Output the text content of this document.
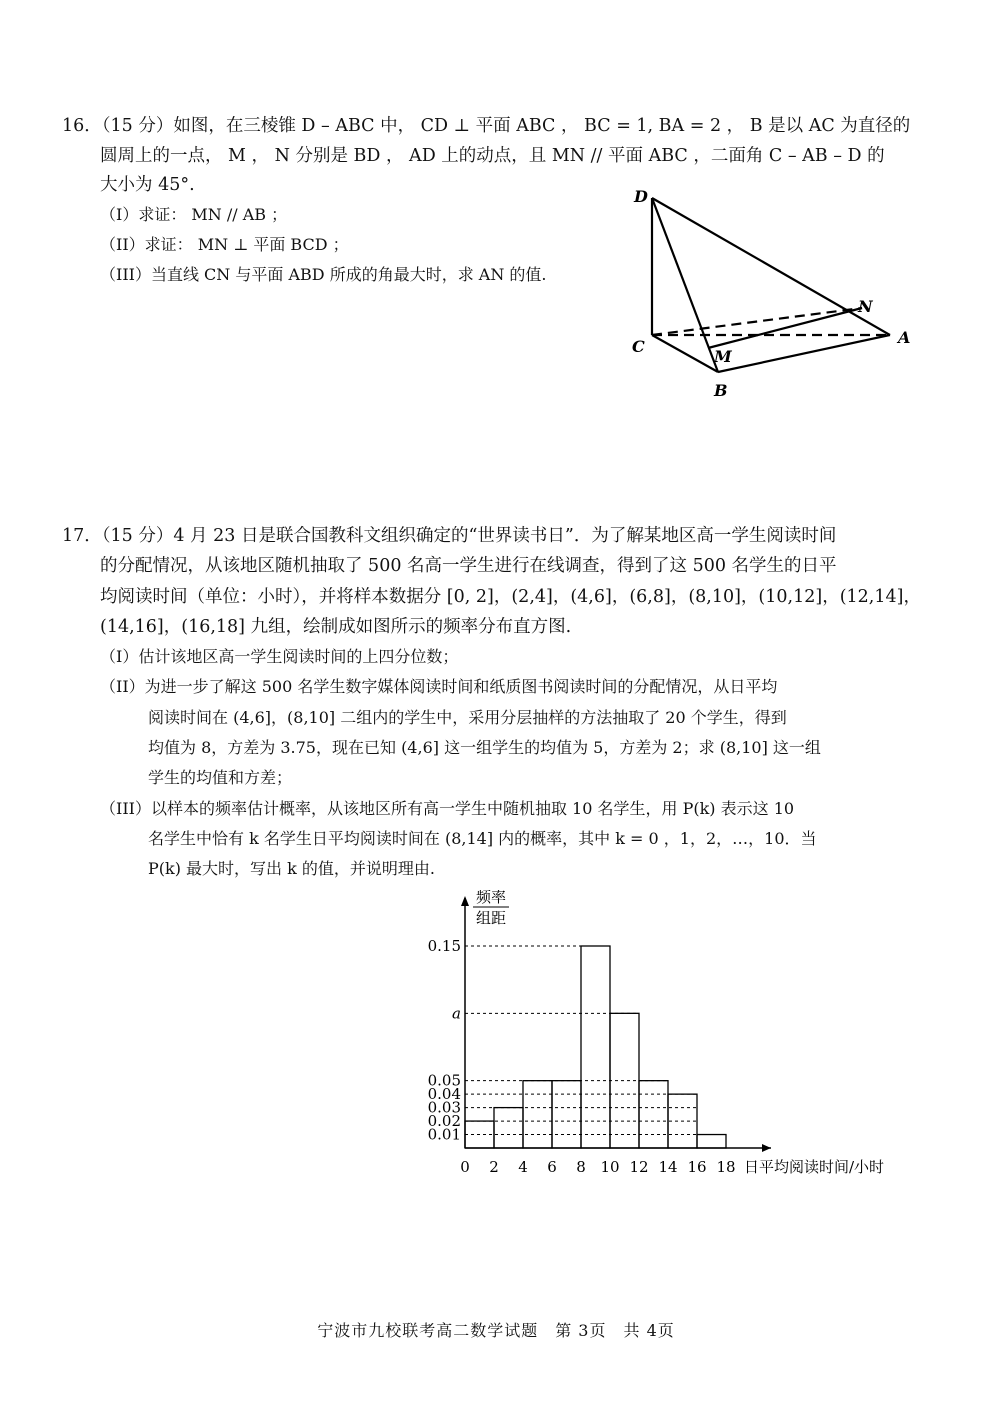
16．（15 分）如图，在三棱锥 D – ABC 中， CD ⊥ 平面 ABC ， BC = 1, BA = 2 ， B 是以 AC 为直径的
圆周上的一点， M ， N 分别是 BD ， AD 上的动点，且 MN // 平面 ABC ，二面角 C – AB – D 的
大小为 45°.
（I）求证： MN // AB ；
（II）求证： MN ⊥ 平面 BCD ；
（III）当直线 CN 与平面 ABD 所成的角最大时，求 AN 的值.
D
N
A
C
M
B
17．（15 分）4 月 23 日是联合国教科文组织确定的“世界读书日”．为了解某地区高一学生阅读时间
的分配情况，从该地区随机抽取了 500 名高一学生进行在线调查，得到了这 500 名学生的日平
均阅读时间（单位：小时），并将样本数据分 [0, 2]，(2,4]，(4,6]，(6,8]，(8,10]，(10,12]，(12,14]，
(14,16]，(16,18] 九组，绘制成如图所示的频率分布直方图.
（I）估计该地区高一学生阅读时间的上四分位数；
（II）为进一步了解这 500 名学生数字媒体阅读时间和纸质图书阅读时间的分配情况，从日平均
阅读时间在 (4,6]，(8,10] 二组内的学生中，采用分层抽样的方法抽取了 20 个学生，得到
均值为 8，方差为 3.75，现在已知 (4,6] 这一组学生的均值为 5，方差为 2；求 (8,10] 这一组
学生的均值和方差；
（III）以样本的频率估计概率，从该地区所有高一学生中随机抽取 10 名学生，用 P(k) 表示这 10
名学生中恰有 k 名学生日平均阅读时间在 (8,14] 内的概率，其中 k = 0 ，1，2，…，10．当
P(k) 最大时，写出 k 的值，并说明理由.
频率
组距
0.01
0.02
0.03
0.04
0.05
a
0.15
0 2 4 6 8 10 12 14 16 18 日平均阅读时间/小时
宁波市九校联考高二数学试题　第 3页　共 4页
